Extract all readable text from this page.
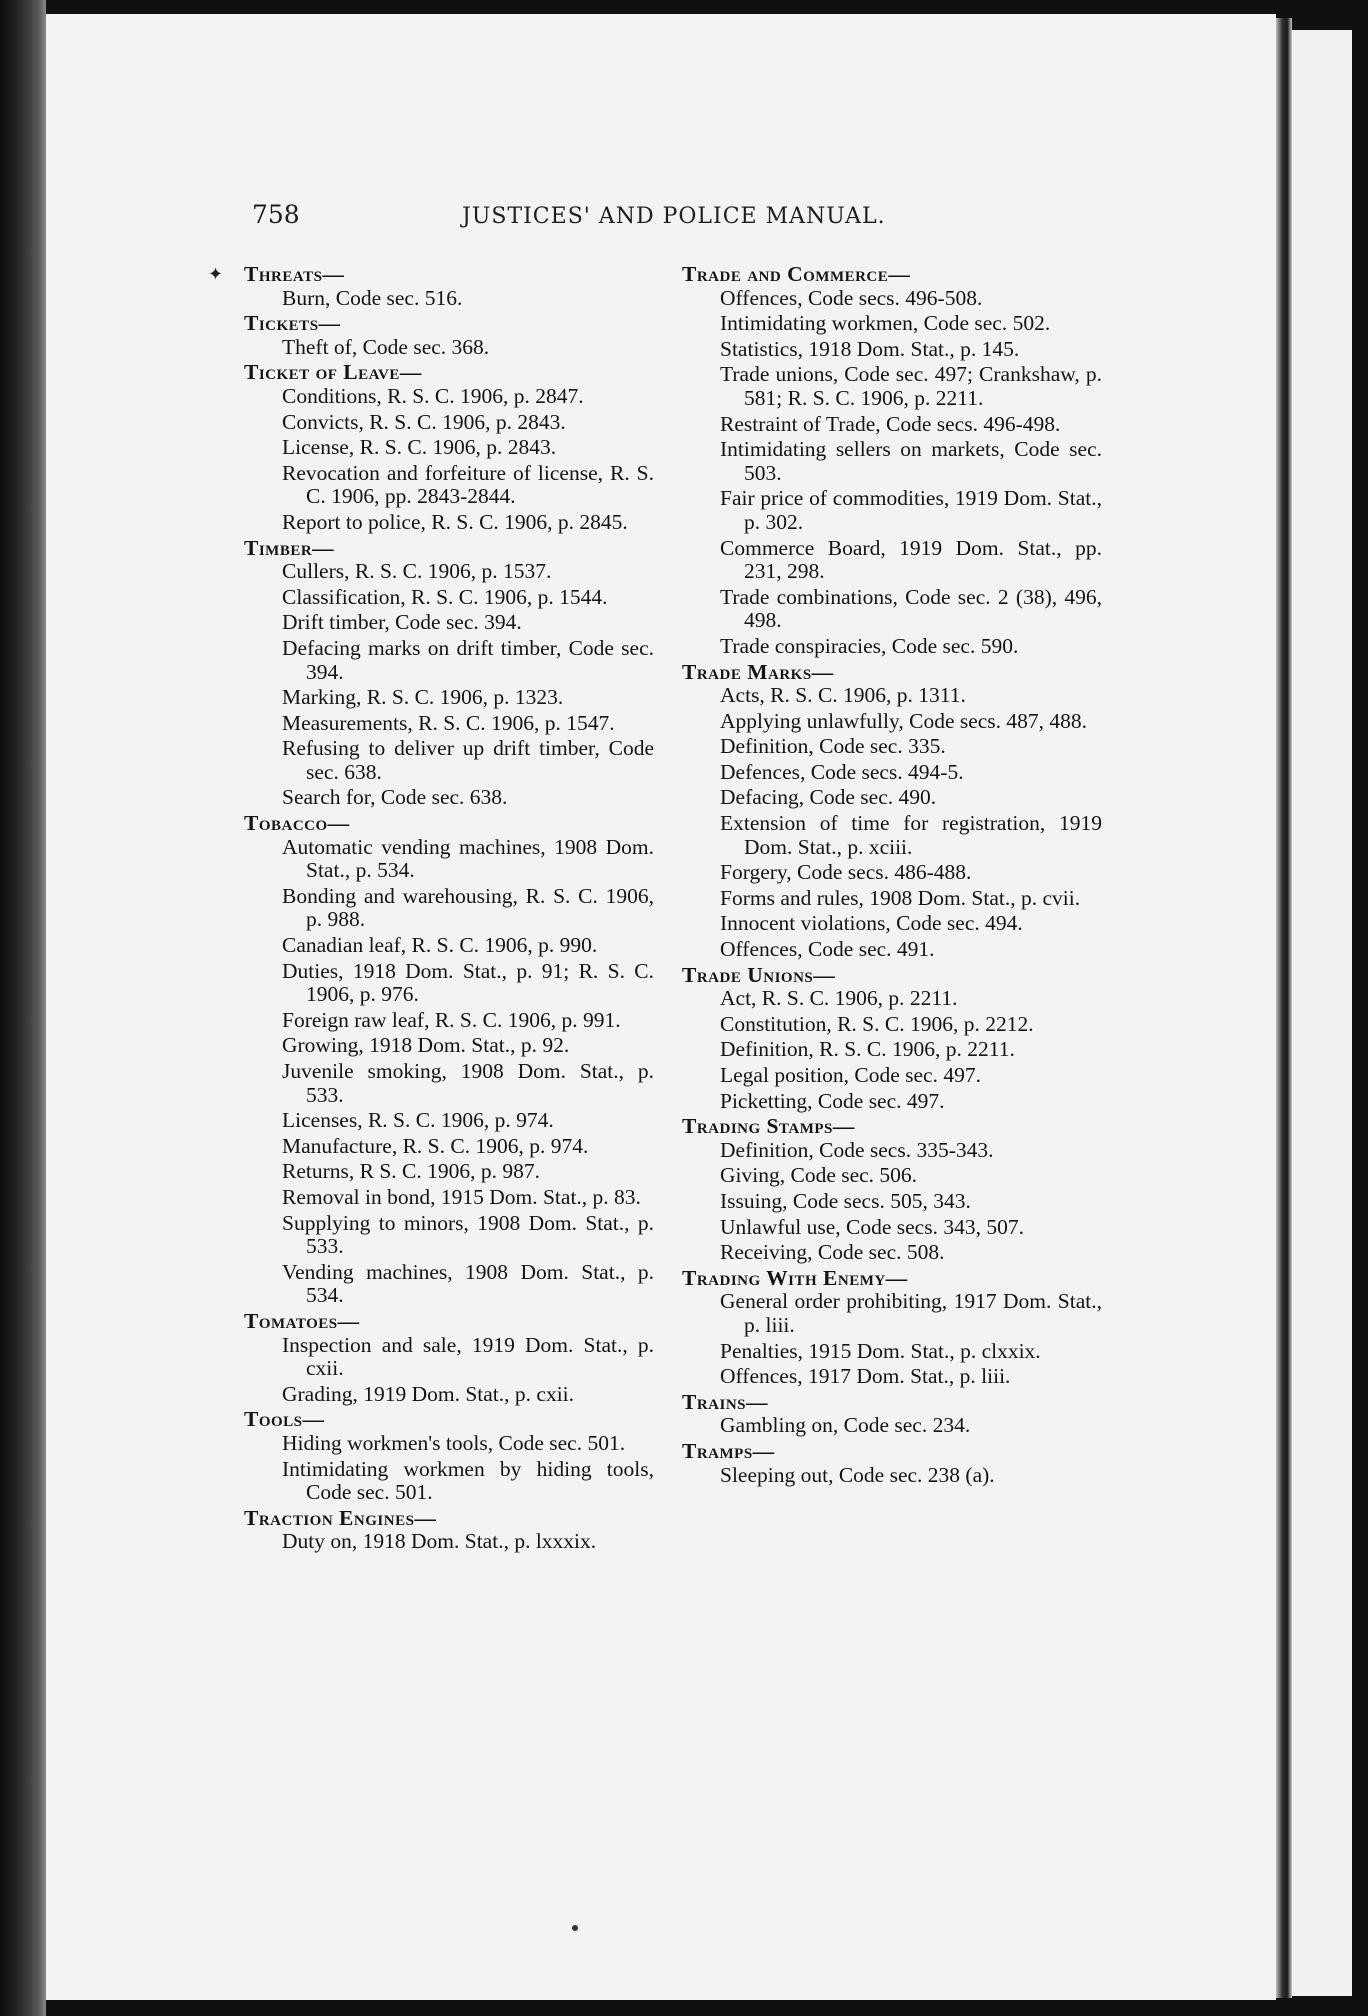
758	JUSTICES' AND POLICE MANUAL.
✦ Threats—
Burn, Code sec. 516.
Tickets—
Theft of, Code sec. 368.
Ticket of Leave—
Conditions, R. S. C. 1906, p. 2847.
Convicts, R. S. C. 1906, p. 2843.
License, R. S. C. 1906, p. 2843.
Revocation and forfeiture of license, R. S. C. 1906, pp. 2843-2844.
Report to police, R. S. C. 1906, p. 2845.
Timber—
Cullers, R. S. C. 1906, p. 1537.
Classification, R. S. C. 1906, p. 1544.
Drift timber, Code sec. 394.
Defacing marks on drift timber, Code sec. 394.
Marking, R. S. C. 1906, p. 1323.
Measurements, R. S. C. 1906, p. 1547.
Refusing to deliver up drift timber, Code sec. 638.
Search for, Code sec. 638.
Tobacco—
Automatic vending machines, 1908 Dom. Stat., p. 534.
Bonding and warehousing, R. S. C. 1906, p. 988.
Canadian leaf, R. S. C. 1906, p. 990.
Duties, 1918 Dom. Stat., p. 91; R. S. C. 1906, p. 976.
Foreign raw leaf, R. S. C. 1906, p. 991.
Growing, 1918 Dom. Stat., p. 92.
Juvenile smoking, 1908 Dom. Stat., p. 533.
Licenses, R. S. C. 1906, p. 974.
Manufacture, R. S. C. 1906, p. 974.
Returns, R S. C. 1906, p. 987.
Removal in bond, 1915 Dom. Stat., p. 83.
Supplying to minors, 1908 Dom. Stat., p. 533.
Vending machines, 1908 Dom. Stat., p. 534.
Tomatoes—
Inspection and sale, 1919 Dom. Stat., p. cxii.
Grading, 1919 Dom. Stat., p. cxii.
Tools—
Hiding workmen's tools, Code sec. 501.
Intimidating workmen by hiding tools, Code sec. 501.
Traction Engines—
Duty on, 1918 Dom. Stat., p. lxxxix.
Trade and Commerce—
Offences, Code secs. 496-508.
Intimidating workmen, Code sec. 502.
Statistics, 1918 Dom. Stat., p. 145.
Trade unions, Code sec. 497; Crankshaw, p. 581; R. S. C. 1906, p. 2211.
Restraint of Trade, Code secs. 496-498.
Intimidating sellers on markets, Code sec. 503.
Fair price of commodities, 1919 Dom. Stat., p. 302.
Commerce Board, 1919 Dom. Stat., pp. 231, 298.
Trade combinations, Code sec. 2 (38), 496, 498.
Trade conspiracies, Code sec. 590.
Trade Marks—
Acts, R. S. C. 1906, p. 1311.
Applying unlawfully, Code secs. 487, 488.
Definition, Code sec. 335.
Defences, Code secs. 494-5.
Defacing, Code sec. 490.
Extension of time for registration, 1919 Dom. Stat., p. xciii.
Forgery, Code secs. 486-488.
Forms and rules, 1908 Dom. Stat., p. cvii.
Innocent violations, Code sec. 494.
Offences, Code sec. 491.
Trade Unions—
Act, R. S. C. 1906, p. 2211.
Constitution, R. S. C. 1906, p. 2212.
Definition, R. S. C. 1906, p. 2211.
Legal position, Code sec. 497.
Picketting, Code sec. 497.
Trading Stamps—
Definition, Code secs. 335-343.
Giving, Code sec. 506.
Issuing, Code secs. 505, 343.
Unlawful use, Code secs. 343, 507.
Receiving, Code sec. 508.
Trading With Enemy—
General order prohibiting, 1917 Dom. Stat., p. liii.
Penalties, 1915 Dom. Stat., p. clxxix.
Offences, 1917 Dom. Stat., p. liii.
Trains—
Gambling on, Code sec. 234.
Tramps—
Sleeping out, Code sec. 238 (a).
